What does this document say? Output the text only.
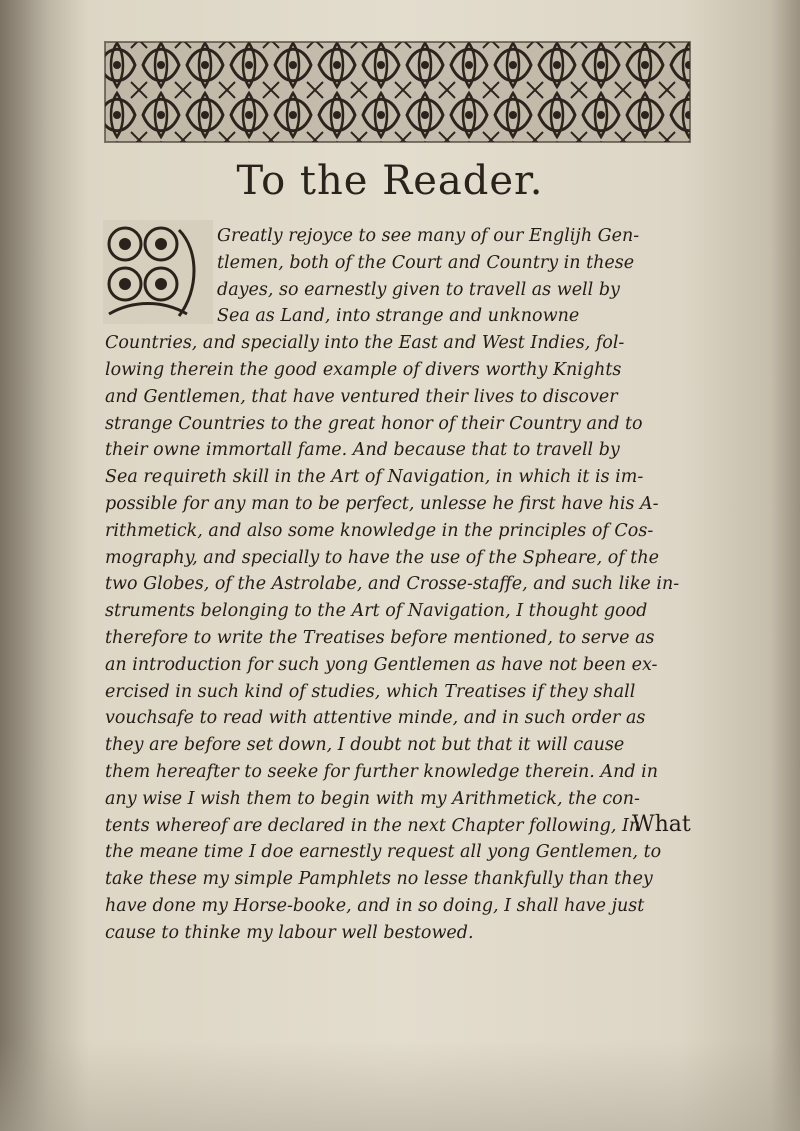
To the Reader.
Greatly rejoyce to see many of our Englijh Gen-
tlemen, both of the Court and Country in these
dayes, so earnestly given to travell as well by
Sea as Land, into strange and unknowne
Countries, and specially into the East and West Indies, fol-
lowing therein the good example of divers worthy Knights
and Gentlemen, that have ventured their lives to discover
strange Countries to the great honor of their Country and to
their owne immortall fame. And because that to travell by
Sea requireth skill in the Art of Navigation, in which it is im-
possible for any man to be perfect, unlesse he first have his A-
rithmetick, and also some knowledge in the principles of Cos-
mography, and specially to have the use of the Spheare, of the
two Globes, of the Astrolabe, and Crosse-staffe, and such like in-
struments belonging to the Art of Navigation, I thought good
therefore to write the Treatises before mentioned, to serve as
an introduction for such yong Gentlemen as have not been ex-
ercised in such kind of studies, which Treatises if they shall
vouchsafe to read with attentive minde, and in such order as
they are before set down, I doubt not but that it will cause
them hereafter to seeke for further knowledge therein. And in
any wise I wish them to begin with my Arithmetick, the con-
tents whereof are declared in the next Chapter following, In
the meane time I doe earnestly request all yong Gentlemen, to
take these my simple Pamphlets no lesse thankfully than they
have done my Horse-booke, and in so doing, I shall have just
cause to thinke my labour well bestowed.
What
